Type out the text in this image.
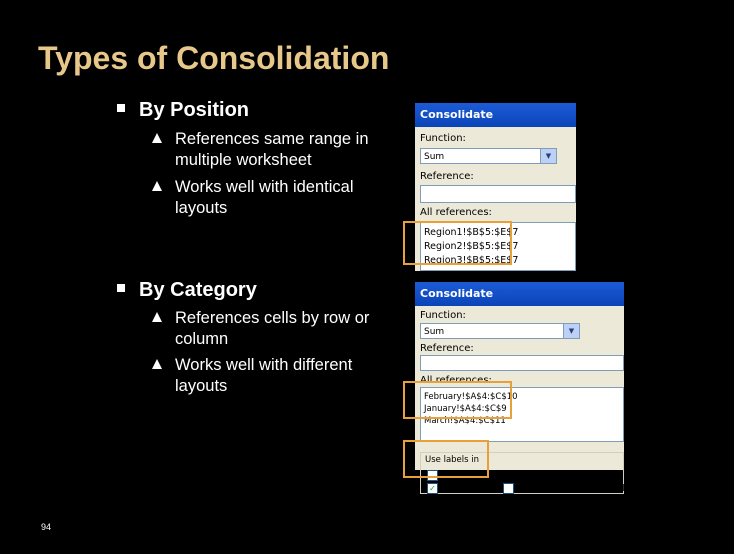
Types of Consolidation
By Position
References same range in multiple worksheet
Works well with identical layouts
By Category
References cells by row or column
Works well with different layouts
94
Consolidate
Function:
Sum	▼
Reference:
All references:
Region1!$B$5:$E$7
Region2!$B$5:$E$7
Region3!$B$5:$E$7
Consolidate
Function:
Sum	▼
Reference:
All references:
February!$A$4:$C$10
January!$A$4:$C$9
March!$A$4:$C$11
Use labels in
Top row
✓ Left column	Create links to source data
